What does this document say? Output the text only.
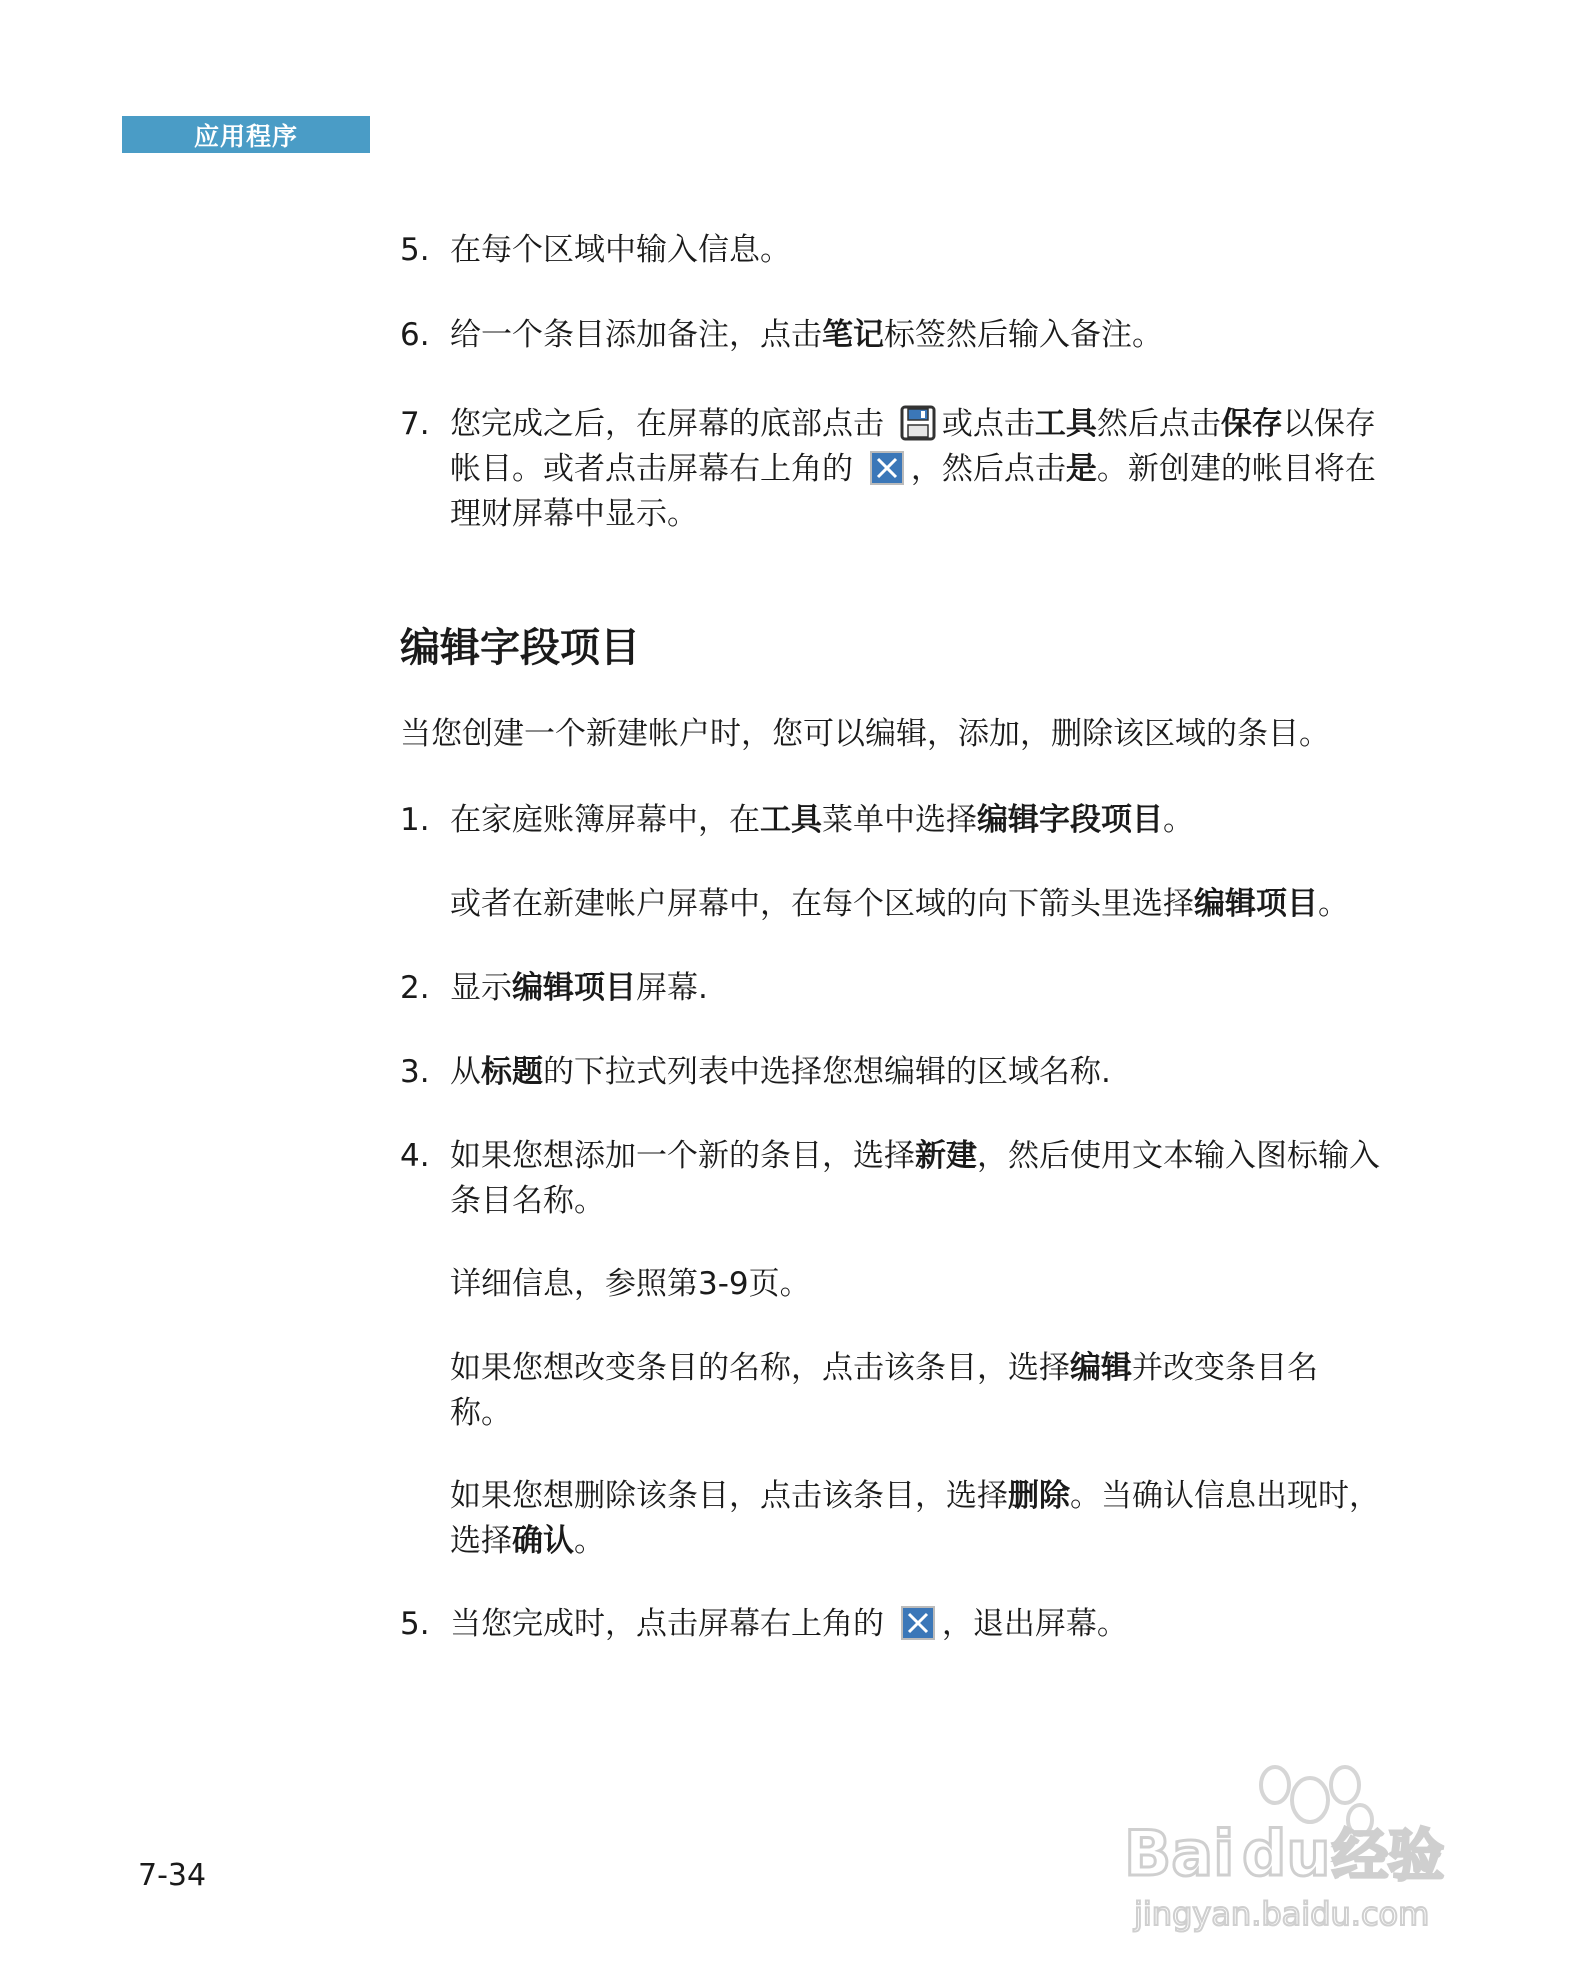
应用程序
5. 在每个区域中输入信息。
6. 给一个条目添加备注，点击笔记标签然后输入备注。
7. 您完成之后，在屏幕的底部点击 或点击工具然后点击保存以保存帐目。或者点击屏幕右上角的 ，然后点击是。新创建的帐目将在理财屏幕中显示。
编辑字段项目

当您创建一个新建帐户时，您可以编辑，添加，删除该区域的条目。

1. 在家庭账簿屏幕中，在工具菜单中选择编辑字段项目。
或者在新建帐户屏幕中，在每个区域的向下箭头里选择编辑项目。
2. 显示编辑项目屏幕.
3. 从标题的下拉式列表中选择您想编辑的区域名称.
4. 如果您想添加一个新的条目，选择新建，然后使用文本输入图标输入条目名称。
详细信息，参照第3-9页。
如果您想改变条目的名称，点击该条目，选择编辑并改变条目名称。
如果您想删除该条目，点击该条目，选择删除。当确认信息出现时，选择确认。
5. 当您完成时，点击屏幕右上角的 ，退出屏幕。
7-34	Bai du 经验
jingyan.baidu.com
